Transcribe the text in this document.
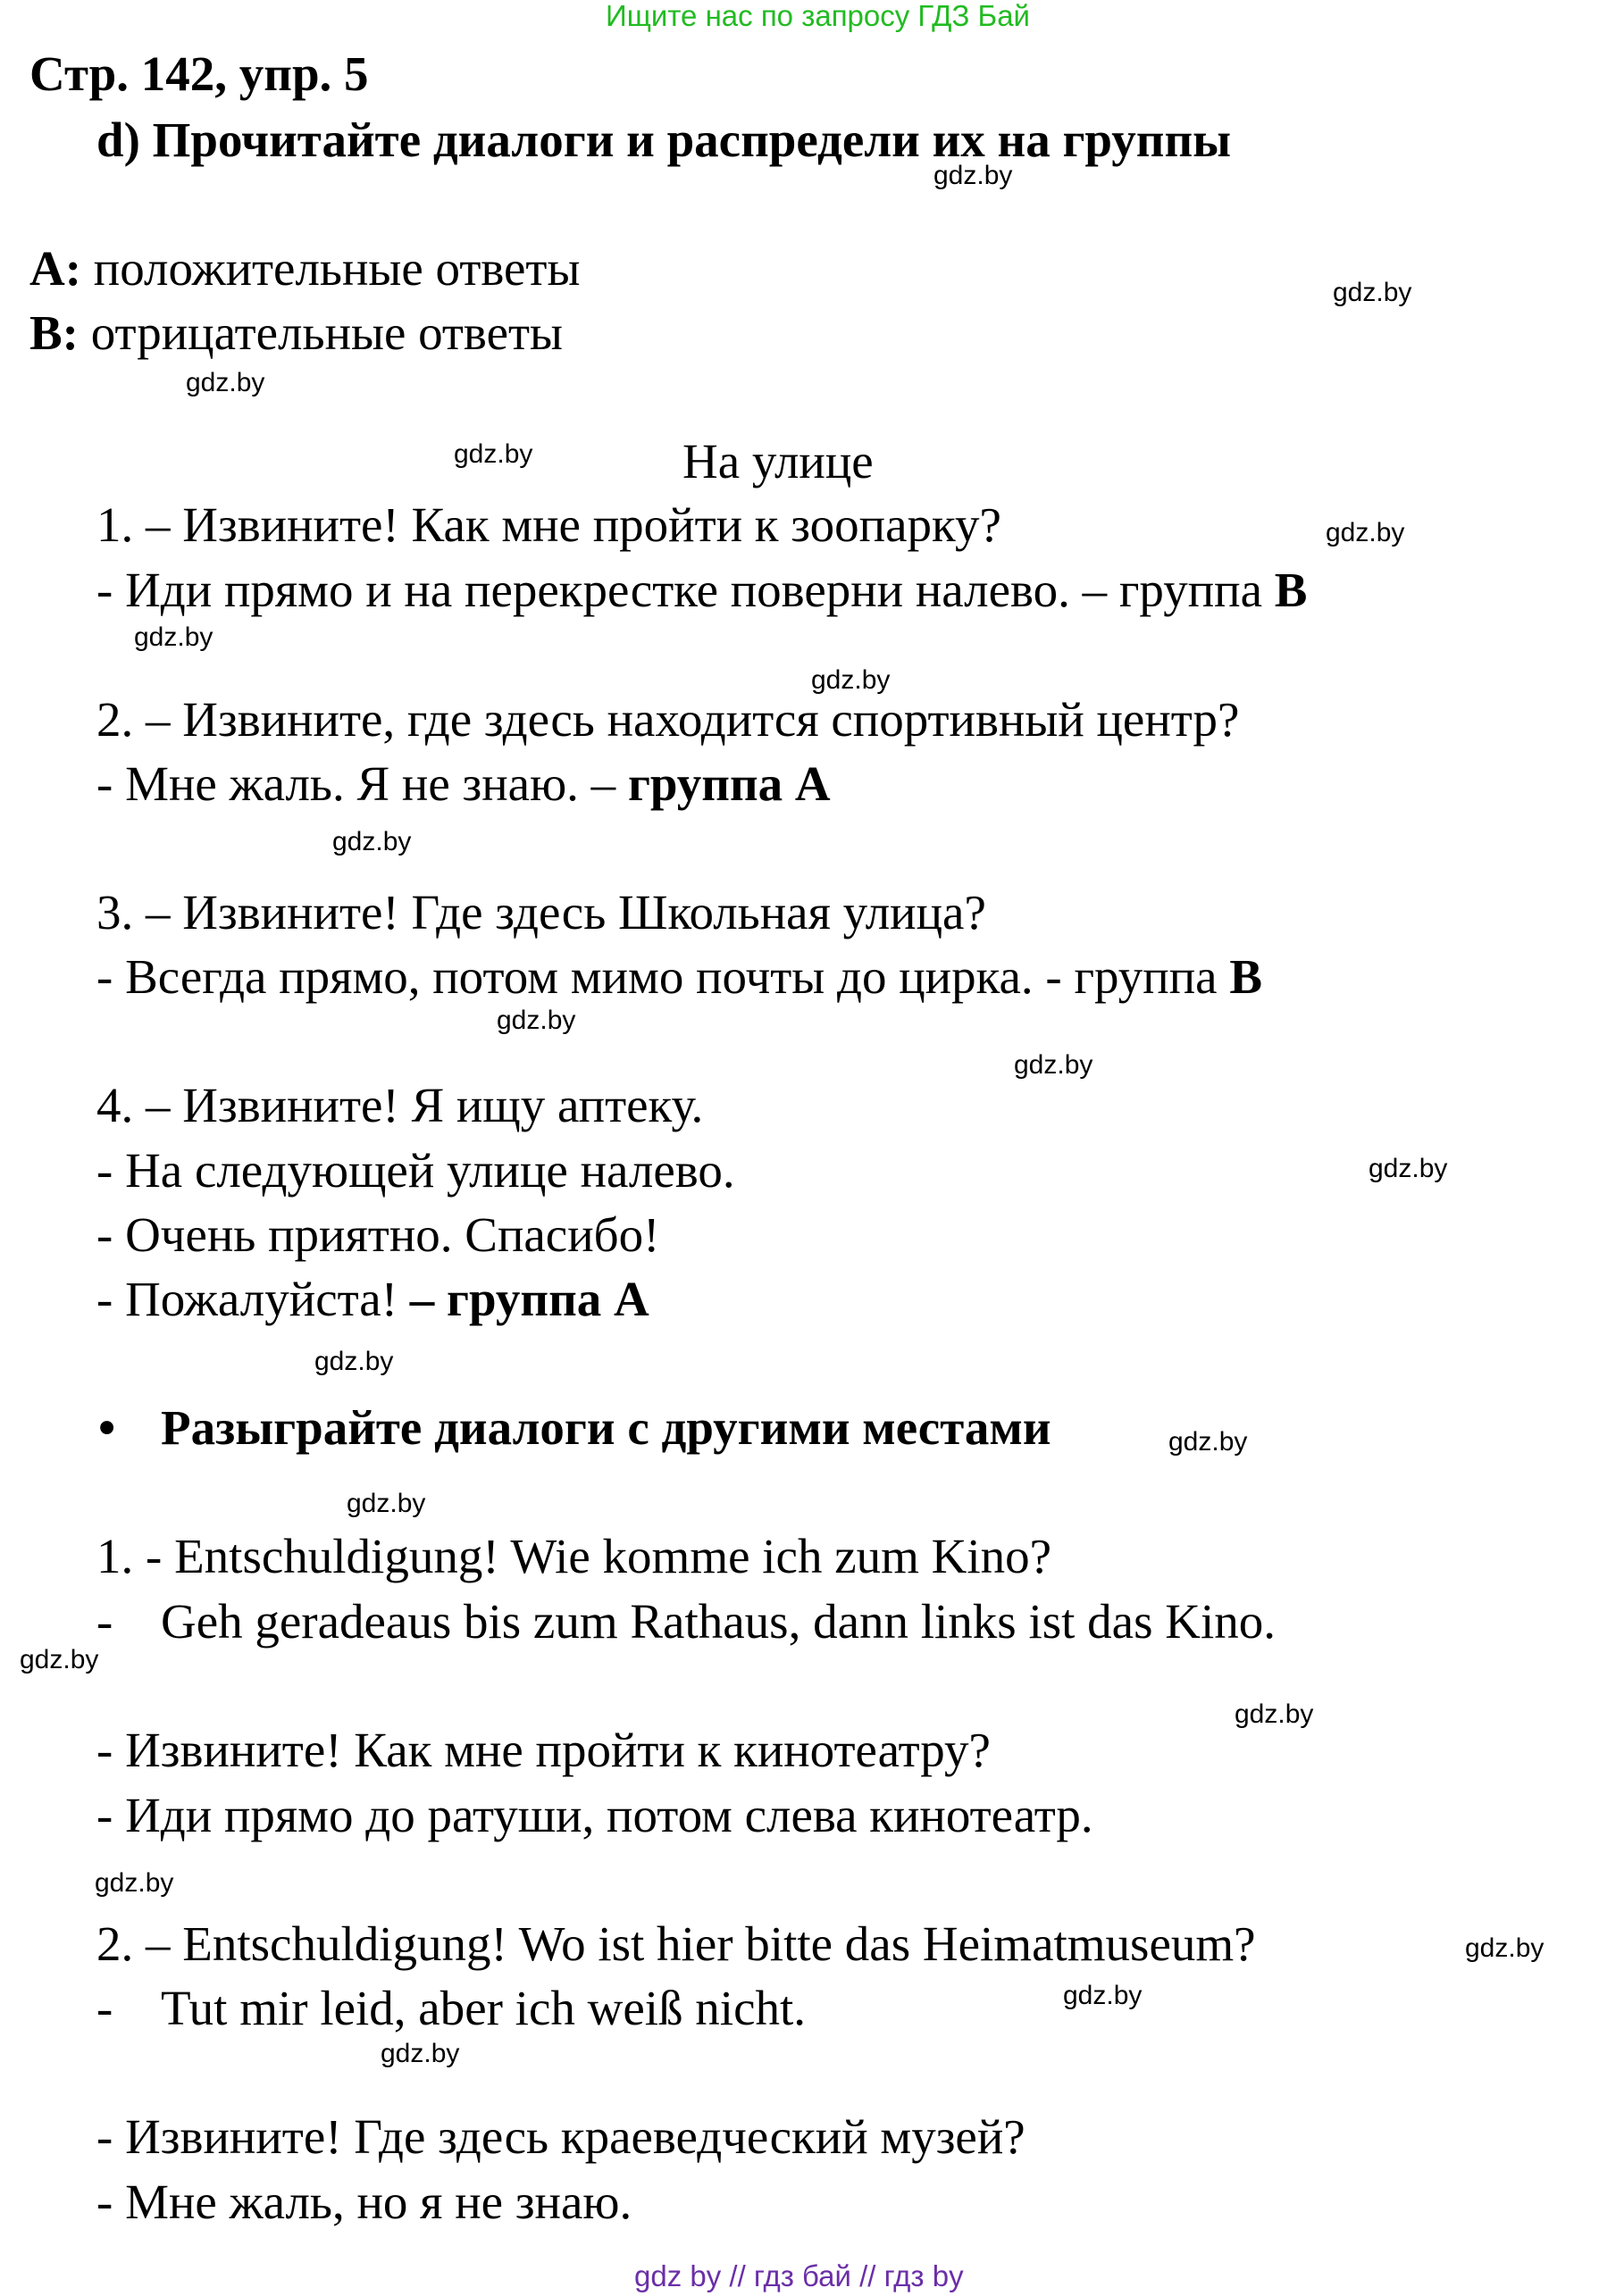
Ищите нас по запросу ГДЗ Бай
Стр. 142, упр. 5
d) Прочитайте диалоги и распредели их на группы
A: положительные ответы
B: отрицательные ответы
На улице
1. – Извините! Как мне пройти к зоопарку?
- Иди прямо и на перекрестке поверни налево. – группа B
2. – Извините, где здесь находится спортивный центр?
- Мне жаль. Я не знаю. – группа А
3. – Извините! Где здесь Школьная улица?
- Всегда прямо, потом мимо почты до цирка. - группа B
4. – Извините! Я ищу аптеку.
- На следующей улице налево.
- Очень приятно. Спасибо!
- Пожалуйста! – группа А
• Разыграйте диалоги с другими местами
1. - Entschuldigung! Wie komme ich zum Kino?
- Geh geradeaus bis zum Rathaus, dann links ist das Kino.
- Извините! Как мне пройти к кинотеатру?
- Иди прямо до ратуши, потом слева кинотеатр.
2. – Entschuldigung! Wo ist hier bitte das Heimatmuseum?
- Tut mir leid, aber ich weiß nicht.
- Извините! Где здесь краеведческий музей?
- Мне жаль, но я не знаю.
gdz.by
gdz.by
gdz.by
gdz.by
gdz.by
gdz.by
gdz.by
gdz.by
gdz.by
gdz.by
gdz.by
gdz.by
gdz.by
gdz.by
gdz.by
gdz.by
gdz.by
gdz.by
gdz.by
gdz.by
gdz by // гдз бай // гдз by
